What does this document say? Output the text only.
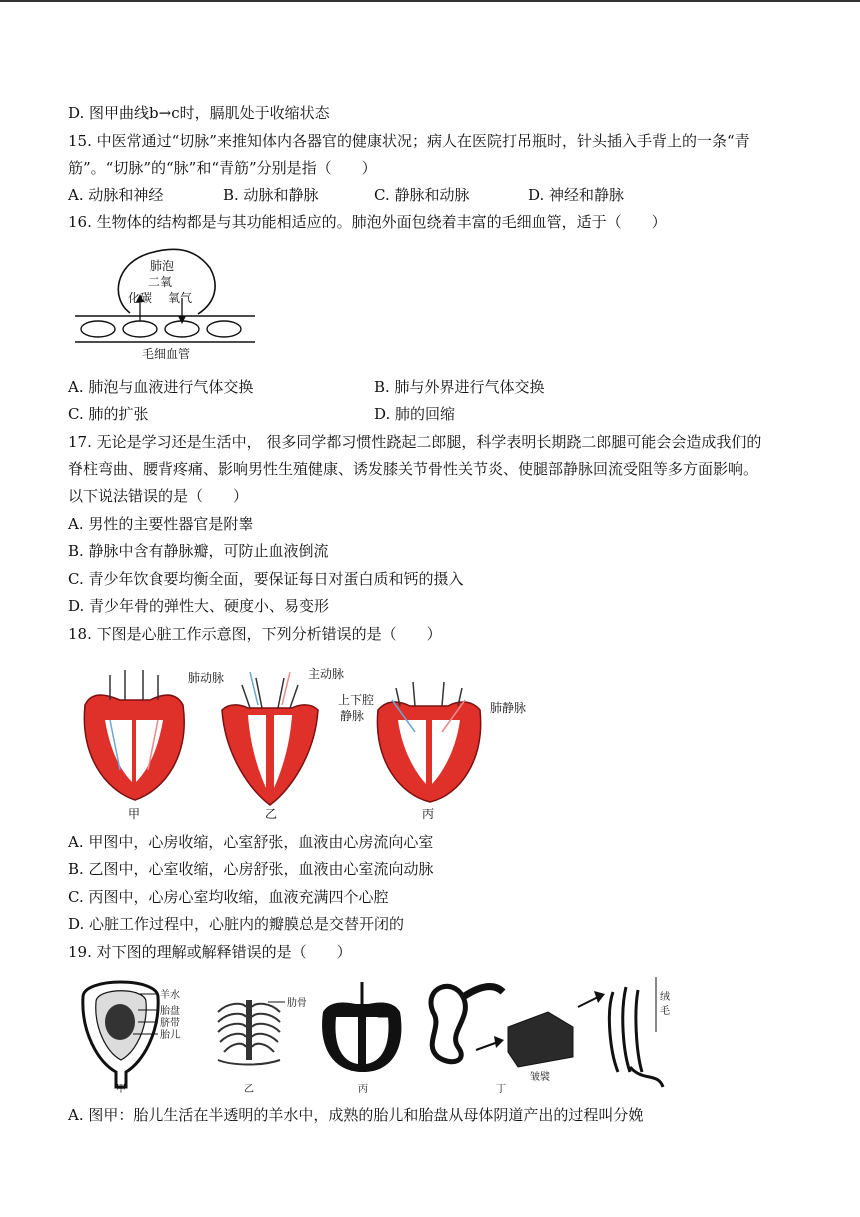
D. 图甲曲线b→c时，膈肌处于收缩状态
15. 中医常通过“切脉”来推知体内各器官的健康状况；病人在医院打吊瓶时，针头插入手背上的一条“青
筋”。“切脉”的“脉”和“青筋”分别是指（　　）
A. 动脉和神经	B. 动脉和静脉	C. 静脉和动脉	D. 神经和静脉
16. 生物体的结构都是与其功能相适应的。肺泡外面包绕着丰富的毛细血管，适于（　　）
肺泡
二氧
化碳 氧气
毛细血管
A. 肺泡与血液进行气体交换	B. 肺与外界进行气体交换
C. 肺的扩张	D. 肺的回缩
17. 无论是学习还是生活中， 很多同学都习惯性跷起二郎腿，科学表明长期跷二郎腿可能会会造成我们的
脊柱弯曲、腰背疼痛、影响男性生殖健康、诱发膝关节骨性关节炎、使腿部静脉回流受阻等多方面影响。
以下说法错误的是（　　）
A. 男性的主要性器官是附睾
B. 静脉中含有静脉瓣，可防止血液倒流
C. 青少年饮食要均衡全面，要保证每日对蛋白质和钙的摄入
D. 青少年骨的弹性大、硬度小、易变形
18. 下图是心脏工作示意图，下列分析错误的是（　　）
甲	乙
肺动脉	主动脉
丙
上下腔
静脉
肺静脉
A. 甲图中，心房收缩，心室舒张，血液由心房流向心室
B. 乙图中，心室收缩，心房舒张，血液由心室流向动脉
C. 丙图中，心房心室均收缩，血液充满四个心腔
D. 心脏工作过程中，心脏内的瓣膜总是交替开闭的
19. 对下图的理解或解释错误的是（　　）
羊水
胎盘
脐带
胎儿
甲
肋骨
乙
肺
丙
皱襞
绒
毛
丁
A. 图甲：胎儿生活在半透明的羊水中，成熟的胎儿和胎盘从母体阴道产出的过程叫分娩
